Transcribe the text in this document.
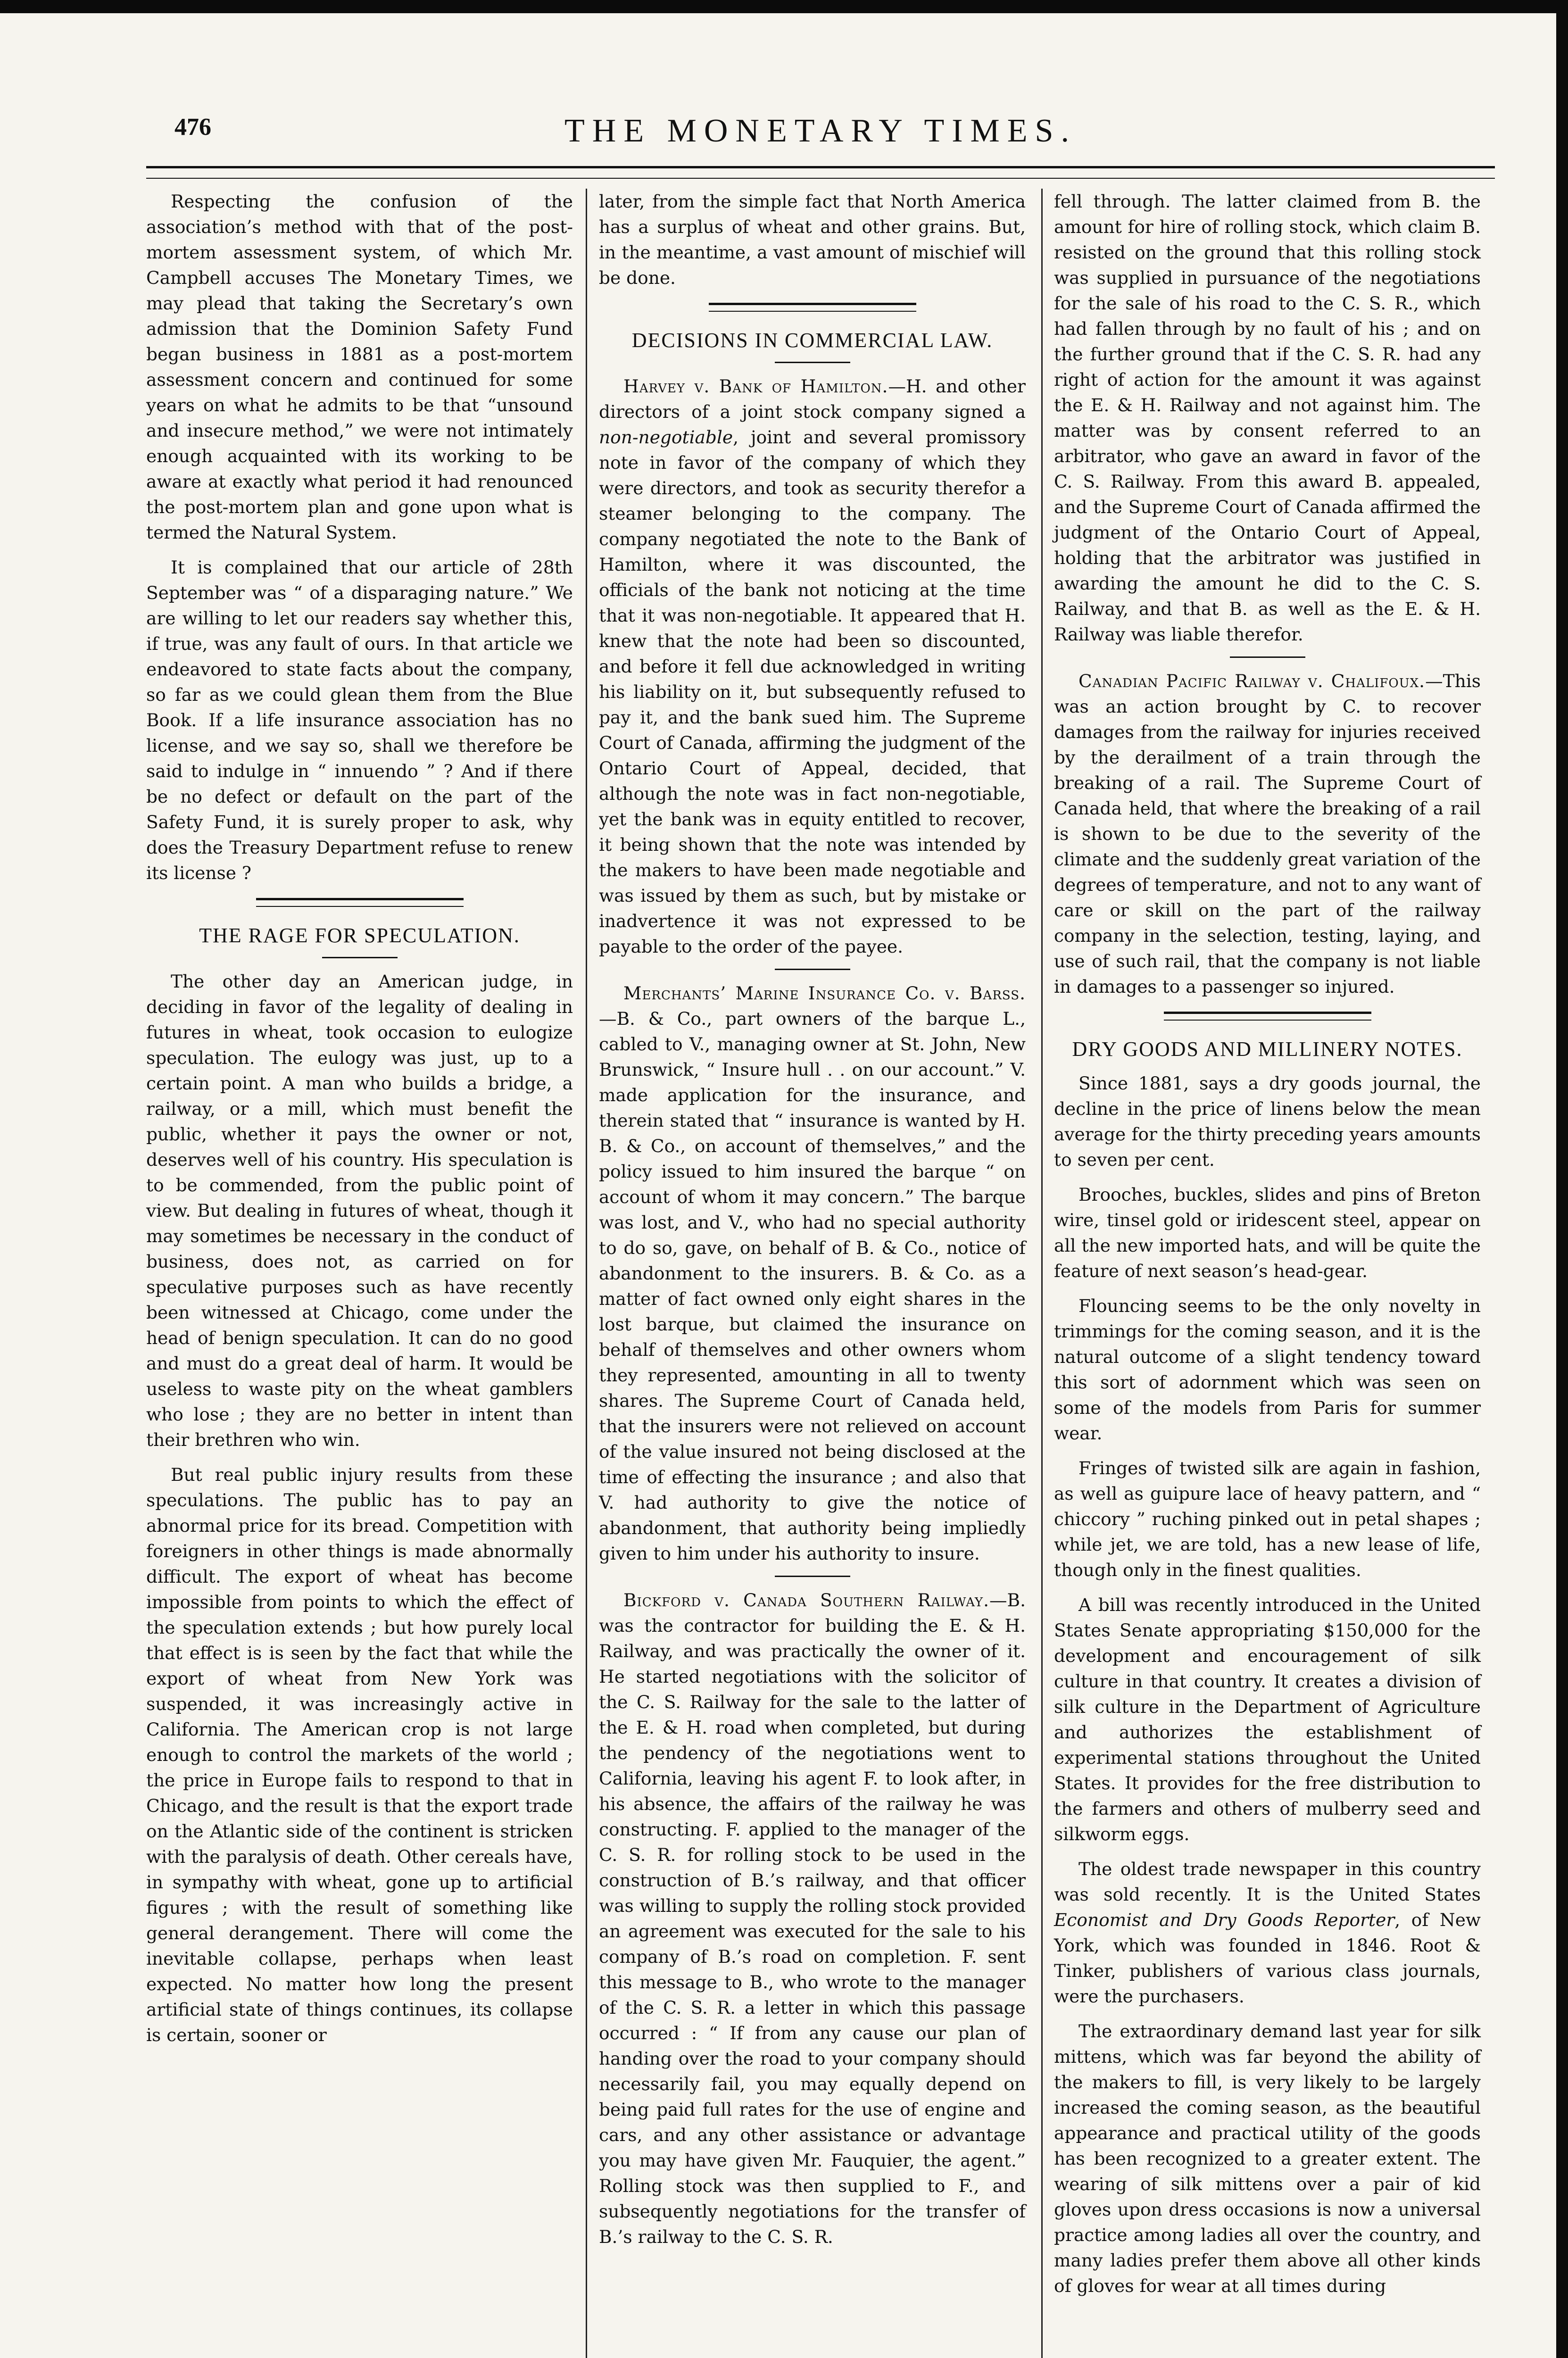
476	THE MONETARY TIMES.

Respecting the confusion of the association’s method with that of the post-mortem assessment system, of which Mr. Campbell accuses The Monetary Times, we may plead that taking the Secretary’s own admission that the Dominion Safety Fund began business in 1881 as a post-mortem assessment concern and continued for some years on what he admits to be that “unsound and insecure method,” we were not intimately enough acquainted with its working to be aware at exactly what period it had renounced the post-mortem plan and gone upon what is termed the Natural System.

It is complained that our article of 28th September was “ of a disparaging nature.” We are willing to let our readers say whether this, if true, was any fault of ours. In that article we endeavored to state facts about the company, so far as we could glean them from the Blue Book. If a life insurance association has no license, and we say so, shall we therefore be said to indulge in “ innuendo ” ? And if there be no defect or default on the part of the Safety Fund, it is surely proper to ask, why does the Treasury Department refuse to renew its license ?

THE RAGE FOR SPECULATION.

The other day an American judge, in deciding in favor of the legality of dealing in futures in wheat, took occasion to eulogize speculation. The eulogy was just, up to a certain point. A man who builds a bridge, a railway, or a mill, which must benefit the public, whether it pays the owner or not, deserves well of his country. His speculation is to be commended, from the public point of view. But dealing in futures of wheat, though it may sometimes be necessary in the conduct of business, does not, as carried on for speculative purposes such as have recently been witnessed at Chicago, come under the head of benign speculation. It can do no good and must do a great deal of harm. It would be useless to waste pity on the wheat gamblers who lose ; they are no better in intent than their brethren who win.

But real public injury results from these speculations. The public has to pay an abnormal price for its bread. Competition with foreigners in other things is made abnormally difficult. The export of wheat has become impossible from points to which the effect of the speculation extends ; but how purely local that effect is is seen by the fact that while the export of wheat from New York was suspended, it was increasingly active in California. The American crop is not large enough to control the markets of the world ; the price in Europe fails to respond to that in Chicago, and the result is that the export trade on the Atlantic side of the continent is stricken with the paralysis of death. Other cereals have, in sympathy with wheat, gone up to artificial figures ; with the result of something like general derangement. There will come the inevitable collapse, perhaps when least expected. No matter how long the present artificial state of things continues, its collapse is certain, sooner or

later, from the simple fact that North America has a surplus of wheat and other grains. But, in the meantime, a vast amount of mischief will be done.

DECISIONS IN COMMERCIAL LAW.

Harvey v. Bank of Hamilton.—H. and other directors of a joint stock company signed a non-negotiable, joint and several promissory note in favor of the company of which they were directors, and took as security therefor a steamer belonging to the company. The company negotiated the note to the Bank of Hamilton, where it was discounted, the officials of the bank not noticing at the time that it was non-negotiable. It appeared that H. knew that the note had been so discounted, and before it fell due acknowledged in writing his liability on it, but subsequently refused to pay it, and the bank sued him. The Supreme Court of Canada, affirming the judgment of the Ontario Court of Appeal, decided, that although the note was in fact non-negotiable, yet the bank was in equity entitled to recover, it being shown that the note was intended by the makers to have been made negotiable and was issued by them as such, but by mistake or inadvertence it was not expressed to be payable to the order of the payee.

Merchants’ Marine Insurance Co. v. Barss.—B. & Co., part owners of the barque L., cabled to V., managing owner at St. John, New Brunswick, “ Insure hull . . on our account.” V. made application for the insurance, and therein stated that “ insurance is wanted by H. B. & Co., on account of themselves,” and the policy issued to him insured the barque “ on account of whom it may concern.” The barque was lost, and V., who had no special authority to do so, gave, on behalf of B. & Co., notice of abandonment to the insurers. B. & Co. as a matter of fact owned only eight shares in the lost barque, but claimed the insurance on behalf of themselves and other owners whom they represented, amounting in all to twenty shares. The Supreme Court of Canada held, that the insurers were not relieved on account of the value insured not being disclosed at the time of effecting the insurance ; and also that V. had authority to give the notice of abandonment, that authority being impliedly given to him under his authority to insure.

Bickford v. Canada Southern Railway.—B. was the contractor for building the E. & H. Railway, and was practically the owner of it. He started negotiations with the solicitor of the C. S. Railway for the sale to the latter of the E. & H. road when completed, but during the pendency of the negotiations went to California, leaving his agent F. to look after, in his absence, the affairs of the railway he was constructing. F. applied to the manager of the C. S. R. for rolling stock to be used in the construction of B.’s railway, and that officer was willing to supply the rolling stock provided an agreement was executed for the sale to his company of B.’s road on completion. F. sent this message to B., who wrote to the manager of the C. S. R. a letter in which this passage occurred : “ If from any cause our plan of handing over the road to your company should necessarily fail, you may equally depend on being paid full rates for the use of engine and cars, and any other assistance or advantage you may have given Mr. Fauquier, the agent.” Rolling stock was then supplied to F., and subsequently negotiations for the transfer of B.’s railway to the C. S. R.

fell through. The latter claimed from B. the amount for hire of rolling stock, which claim B. resisted on the ground that this rolling stock was supplied in pursuance of the negotiations for the sale of his road to the C. S. R., which had fallen through by no fault of his ; and on the further ground that if the C. S. R. had any right of action for the amount it was against the E. & H. Railway and not against him. The matter was by consent referred to an arbitrator, who gave an award in favor of the C. S. Railway. From this award B. appealed, and the Supreme Court of Canada affirmed the judgment of the Ontario Court of Appeal, holding that the arbitrator was justified in awarding the amount he did to the C. S. Railway, and that B. as well as the E. & H. Railway was liable therefor.

Canadian Pacific Railway v. Chalifoux.—This was an action brought by C. to recover damages from the railway for injuries received by the derailment of a train through the breaking of a rail. The Supreme Court of Canada held, that where the breaking of a rail is shown to be due to the severity of the climate and the suddenly great variation of the degrees of temperature, and not to any want of care or skill on the part of the railway company in the selection, testing, laying, and use of such rail, that the company is not liable in damages to a passenger so injured.

DRY GOODS AND MILLINERY NOTES.

Since 1881, says a dry goods journal, the decline in the price of linens below the mean average for the thirty preceding years amounts to seven per cent.

Brooches, buckles, slides and pins of Breton wire, tinsel gold or iridescent steel, appear on all the new imported hats, and will be quite the feature of next season’s head-gear.

Flouncing seems to be the only novelty in trimmings for the coming season, and it is the natural outcome of a slight tendency toward this sort of adornment which was seen on some of the models from Paris for summer wear.

Fringes of twisted silk are again in fashion, as well as guipure lace of heavy pattern, and “ chiccory ” ruching pinked out in petal shapes ; while jet, we are told, has a new lease of life, though only in the finest qualities.

A bill was recently introduced in the United States Senate appropriating $150,000 for the development and encouragement of silk culture in that country. It creates a division of silk culture in the Department of Agriculture and authorizes the establishment of experimental stations throughout the United States. It provides for the free distribution to the farmers and others of mulberry seed and silkworm eggs.

The oldest trade newspaper in this country was sold recently. It is the United States Economist and Dry Goods Reporter, of New York, which was founded in 1846. Root & Tinker, publishers of various class journals, were the purchasers.

The extraordinary demand last year for silk mittens, which was far beyond the ability of the makers to fill, is very likely to be largely increased the coming season, as the beautiful appearance and practical utility of the goods has been recognized to a greater extent. The wearing of silk mittens over a pair of kid gloves upon dress occasions is now a universal practice among ladies all over the country, and many ladies prefer them above all other kinds of gloves for wear at all times during
